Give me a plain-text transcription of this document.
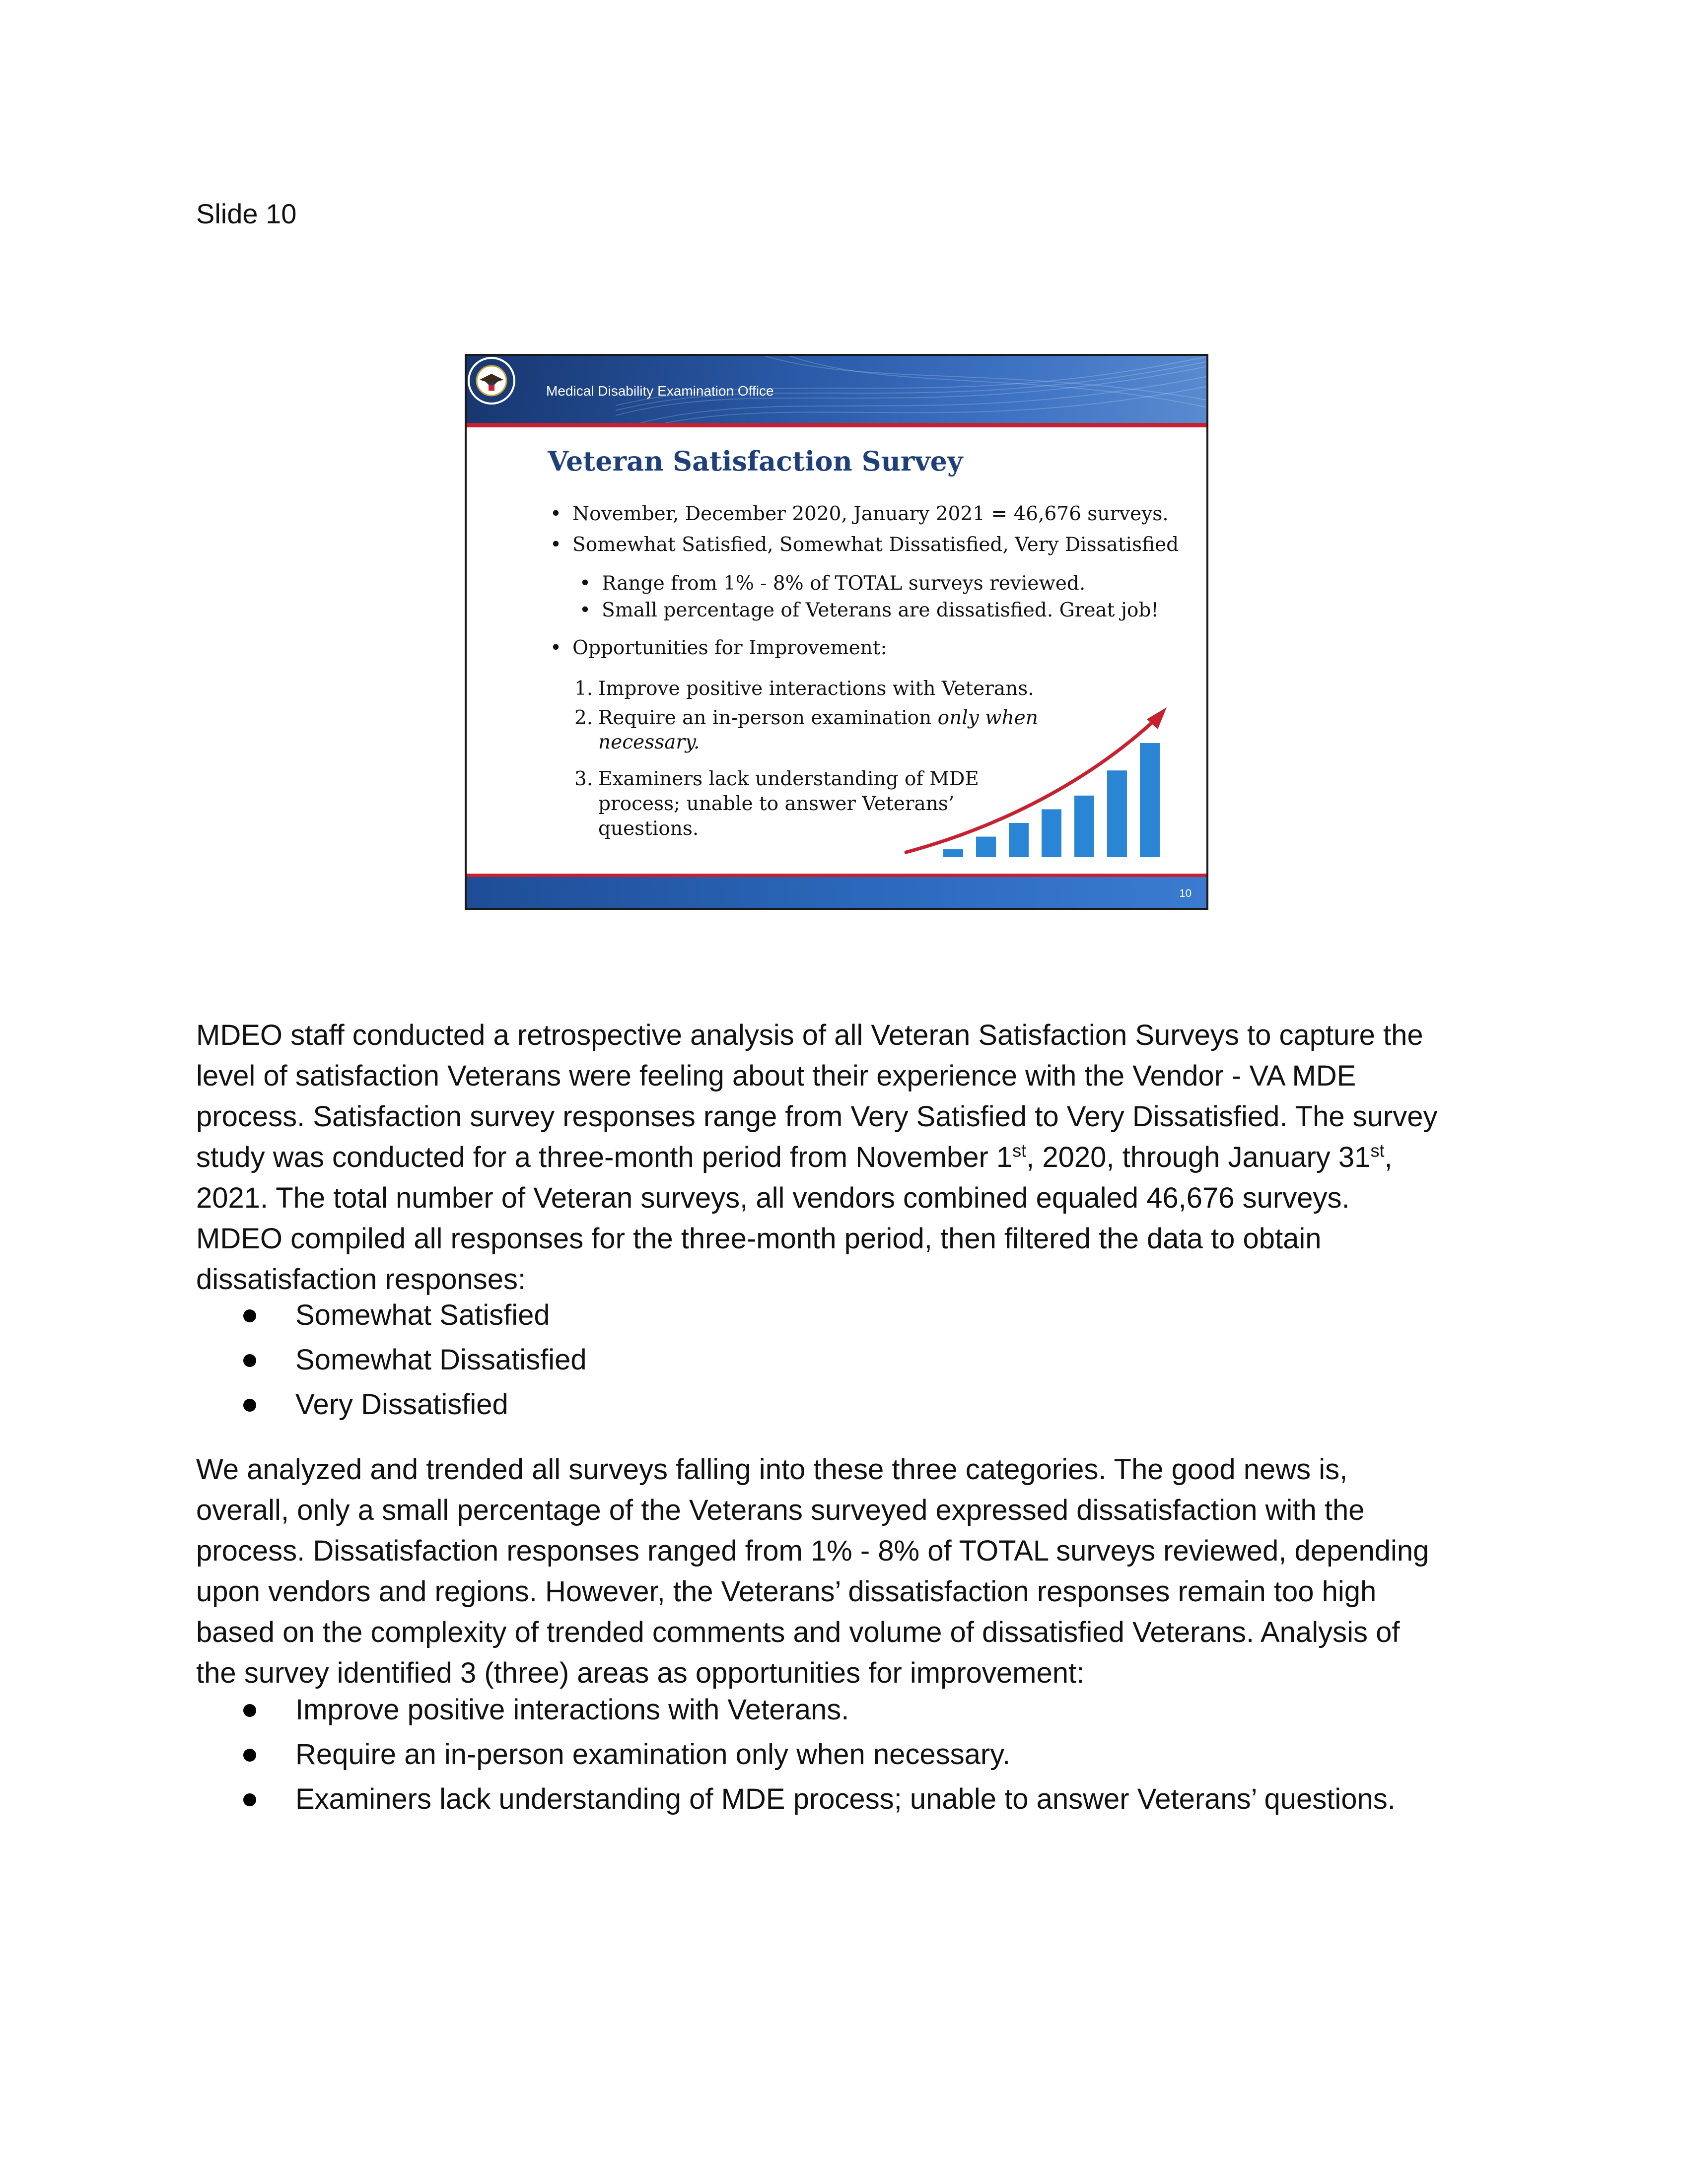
Slide 10
Medical Disability Examination Office
Veteran Satisfaction Survey
• November, December 2020, January 2021 = 46,676 surveys.
• Somewhat Satisfied, Somewhat Dissatisfied, Very Dissatisfied
• Range from 1% - 8% of TOTAL surveys reviewed.
• Small percentage of Veterans are dissatisfied. Great job!
• Opportunities for Improvement:
1. Improve positive interactions with Veterans.
2. Require an in-person examination only when
necessary.
3. Examiners lack understanding of MDE
process; unable to answer Veterans’
questions.
10
MDEO staff conducted a retrospective analysis of all Veteran Satisfaction Surveys to capture the
level of satisfaction Veterans were feeling about their experience with the Vendor - VA MDE
process. Satisfaction survey responses range from Very Satisfied to Very Dissatisfied. The survey
study was conducted for a three-month period from November 1st, 2020, through January 31st,
2021. The total number of Veteran surveys, all vendors combined equaled 46,676 surveys.
MDEO compiled all responses for the three-month period, then filtered the data to obtain
dissatisfaction responses:
Somewhat Satisfied
Somewhat Dissatisfied
Very Dissatisfied
We analyzed and trended all surveys falling into these three categories. The good news is,
overall, only a small percentage of the Veterans surveyed expressed dissatisfaction with the
process. Dissatisfaction responses ranged from 1% - 8% of TOTAL surveys reviewed, depending
upon vendors and regions. However, the Veterans’ dissatisfaction responses remain too high
based on the complexity of trended comments and volume of dissatisfied Veterans. Analysis of
the survey identified 3 (three) areas as opportunities for improvement:
Improve positive interactions with Veterans.
Require an in-person examination only when necessary.
Examiners lack understanding of MDE process; unable to answer Veterans’ questions.
